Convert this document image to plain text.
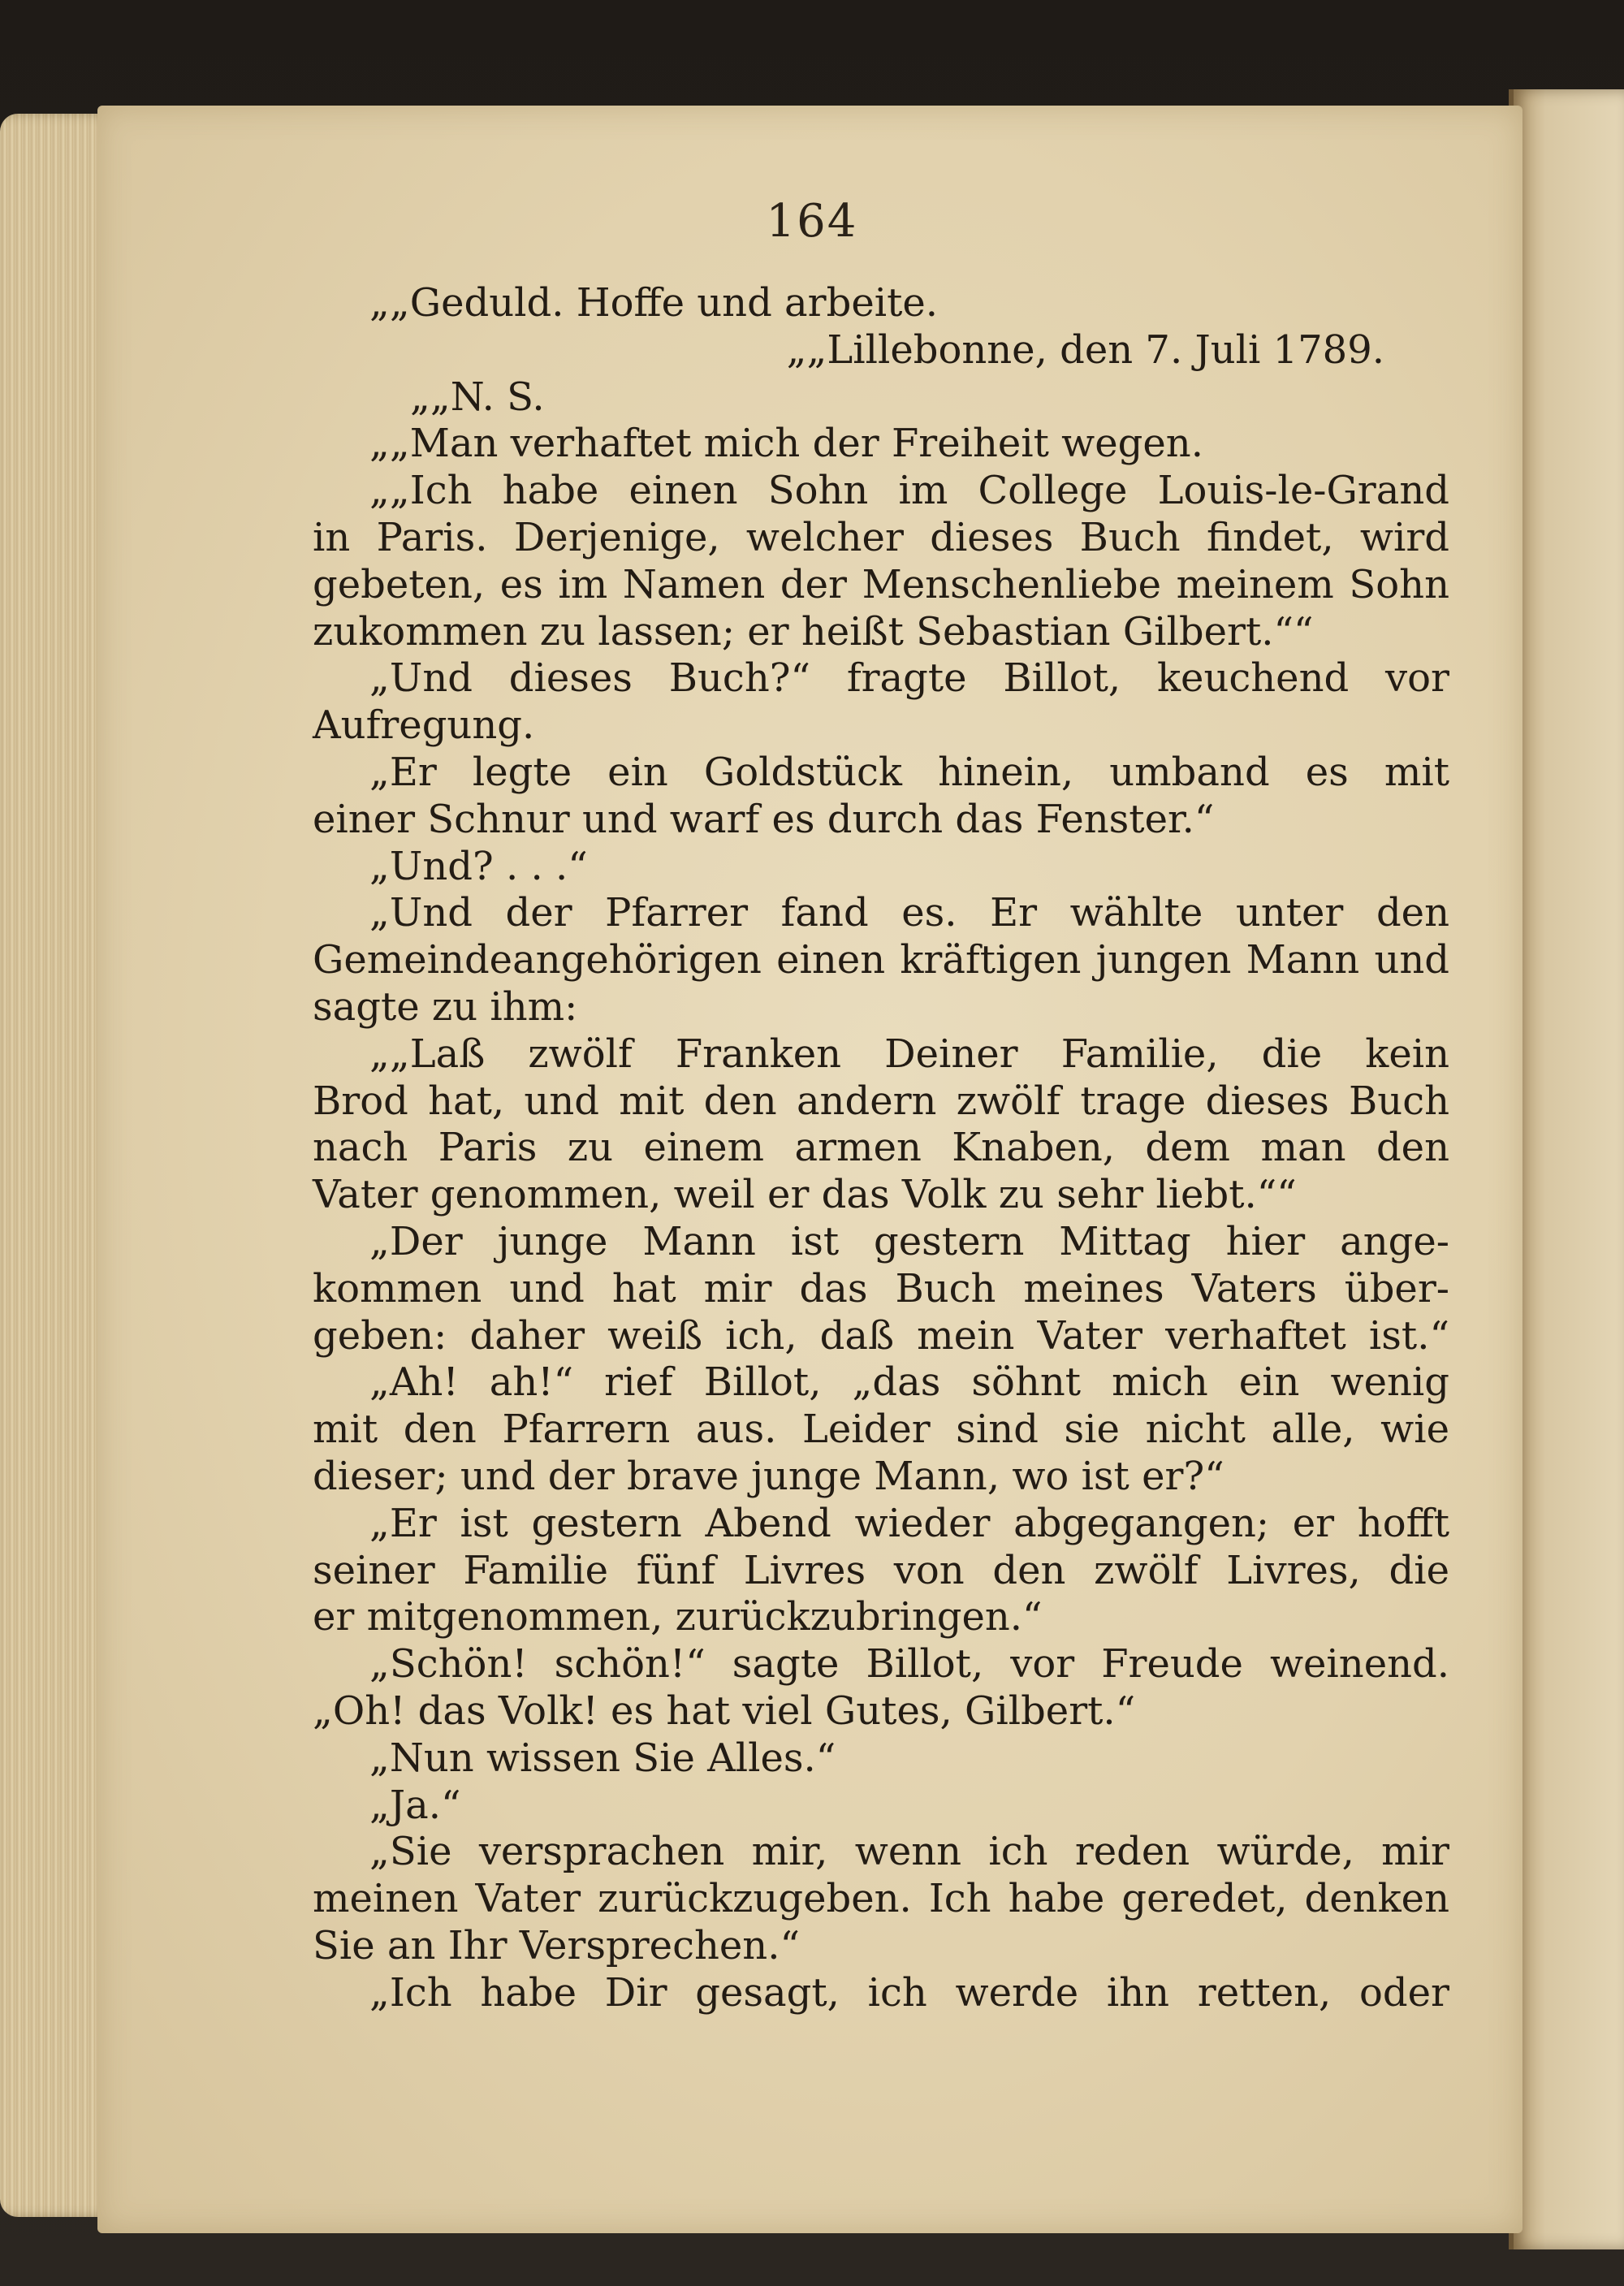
164
„„Geduld. Hoffe und arbeite.
„„Lillebonne, den 7. Juli 1789.
„„N. S.
„„Man verhaftet mich der Freiheit wegen.
„„Ich habe einen Sohn im College Louis-le-Grand
in Paris. Derjenige, welcher dieses Buch findet, wird
gebeten, es im Namen der Menschenliebe meinem Sohn
zukommen zu lassen; er heißt Sebastian Gilbert.““
„Und dieses Buch?“ fragte Billot, keuchend vor
Aufregung.
„Er legte ein Goldstück hinein, umband es mit
einer Schnur und warf es durch das Fenster.“
„Und? . . .“
„Und der Pfarrer fand es. Er wählte unter den
Gemeindeangehörigen einen kräftigen jungen Mann und
sagte zu ihm:
„„Laß zwölf Franken Deiner Familie, die kein
Brod hat, und mit den andern zwölf trage dieses Buch
nach Paris zu einem armen Knaben, dem man den
Vater genommen, weil er das Volk zu sehr liebt.““
„Der junge Mann ist gestern Mittag hier ange-
kommen und hat mir das Buch meines Vaters über-
geben: daher weiß ich, daß mein Vater verhaftet ist.“
„Ah! ah!“ rief Billot, „das söhnt mich ein wenig
mit den Pfarrern aus. Leider sind sie nicht alle, wie
dieser; und der brave junge Mann, wo ist er?“
„Er ist gestern Abend wieder abgegangen; er hofft
seiner Familie fünf Livres von den zwölf Livres, die
er mitgenommen, zurückzubringen.“
„Schön! schön!“ sagte Billot, vor Freude weinend.
„Oh! das Volk! es hat viel Gutes, Gilbert.“
„Nun wissen Sie Alles.“
„Ja.“
„Sie versprachen mir, wenn ich reden würde, mir
meinen Vater zurückzugeben. Ich habe geredet, denken
Sie an Ihr Versprechen.“
„Ich habe Dir gesagt, ich werde ihn retten, oder
